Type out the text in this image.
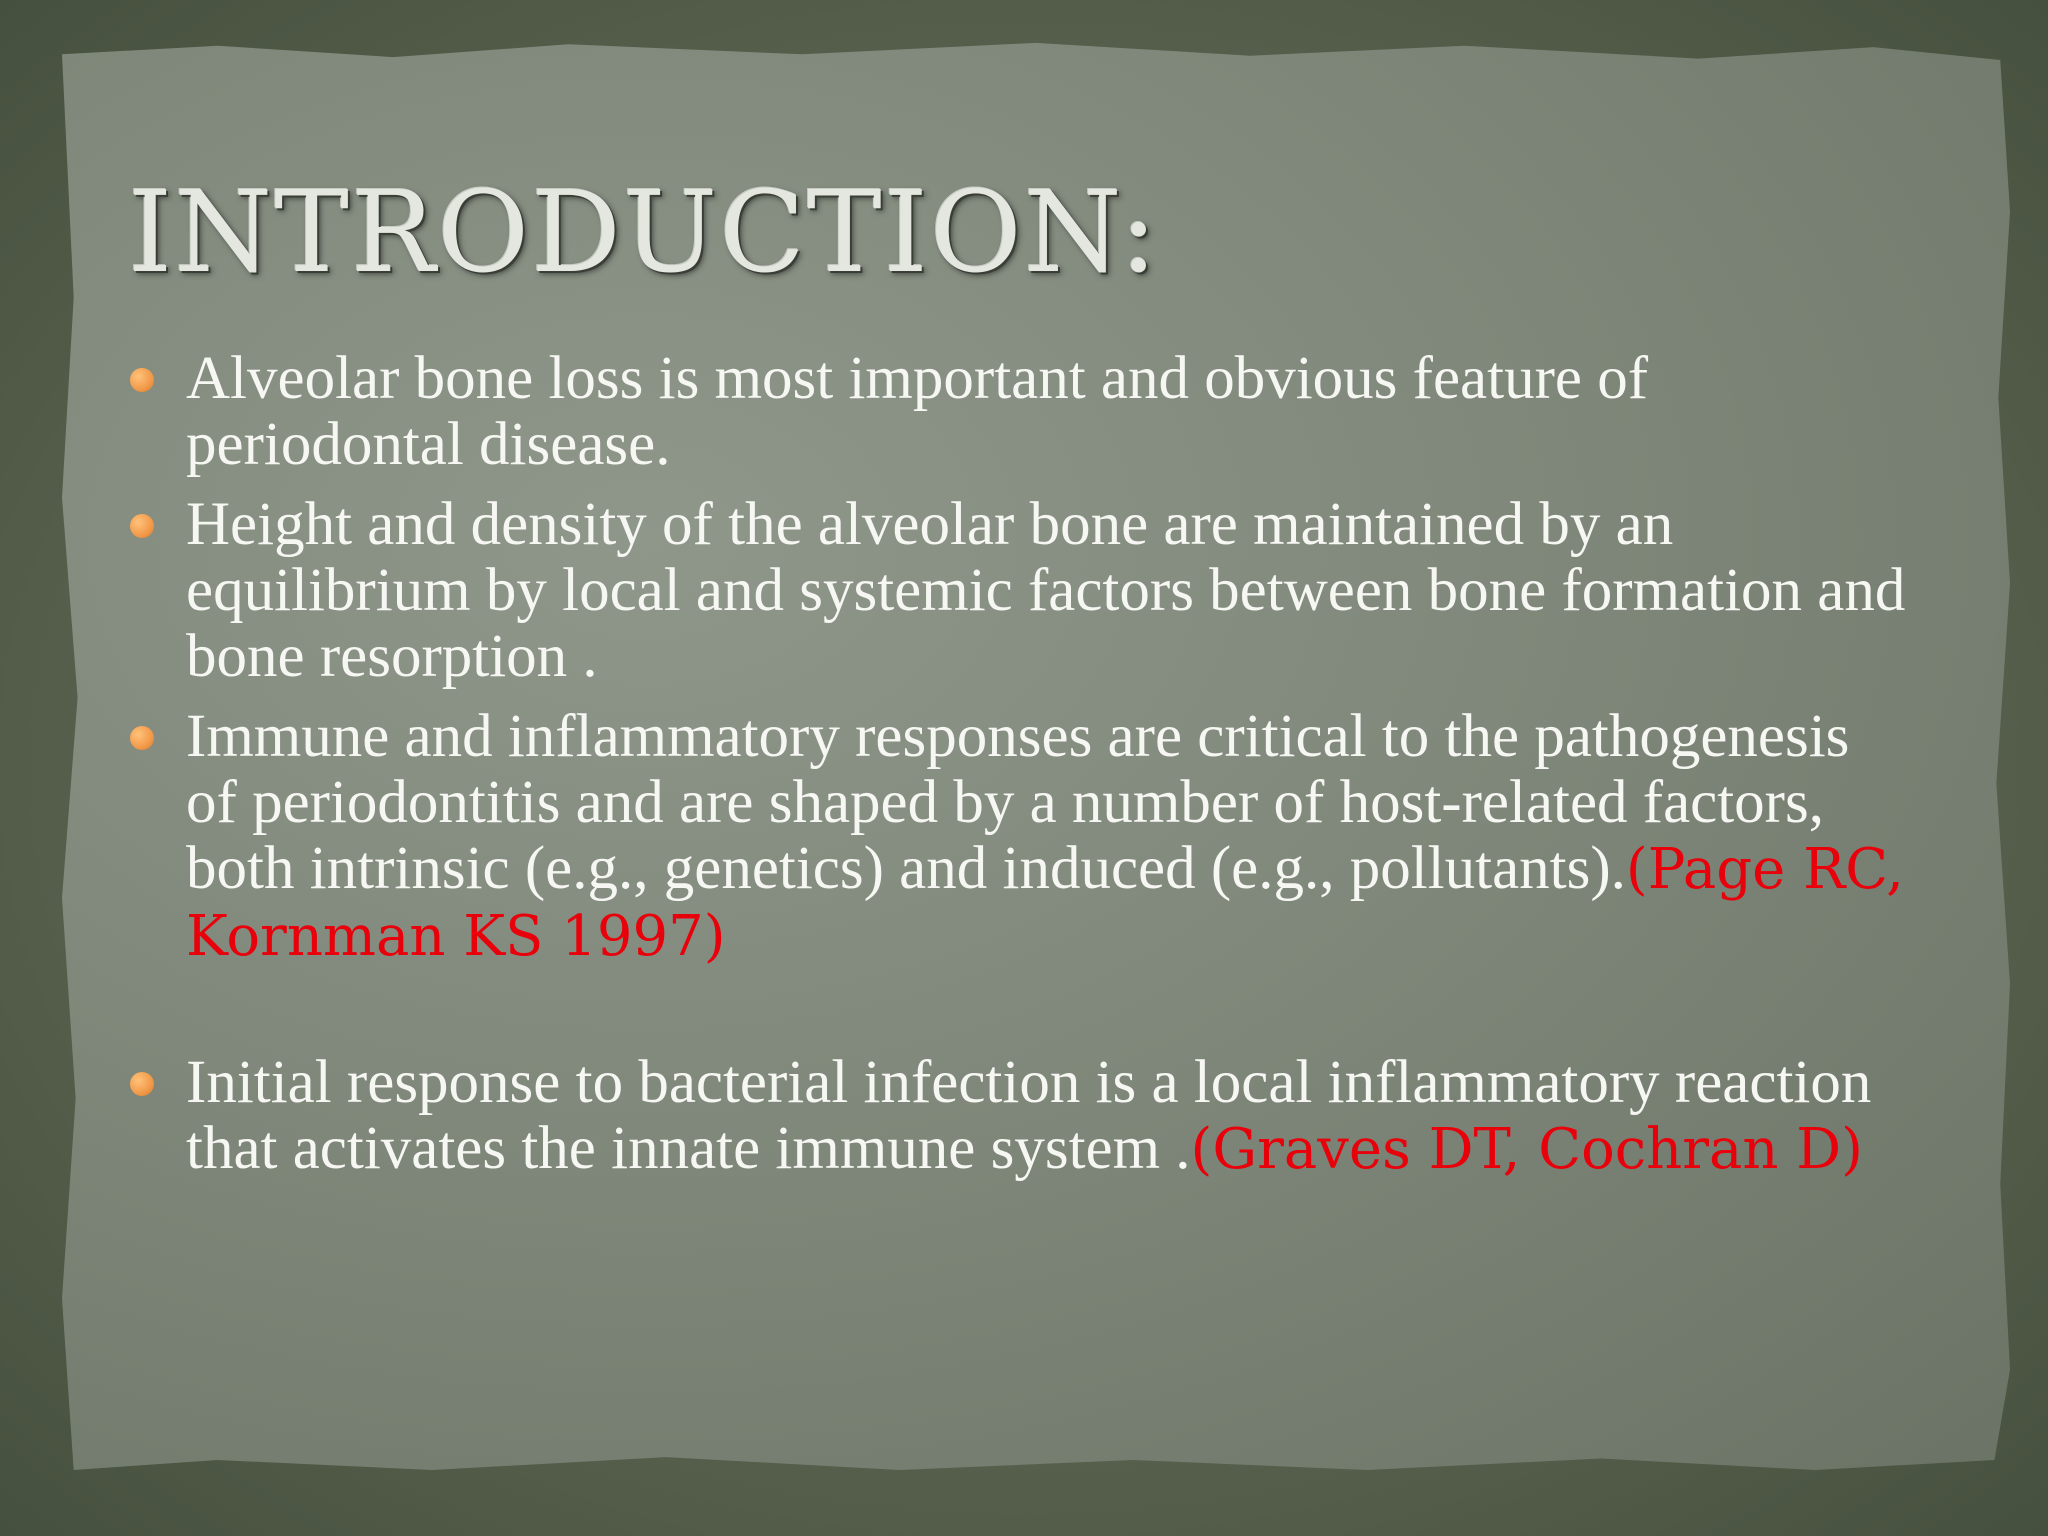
INTRODUCTION:
Alveolar bone loss is most important and obvious feature of periodontal disease.
Height and density of the alveolar bone are maintained by an equilibrium by local and systemic factors between bone formation and bone resorption .
Immune and inflammatory responses are critical to the pathogenesis of periodontitis and are shaped by a number of host-related factors, both intrinsic (e.g., genetics) and induced (e.g., pollutants).(Page RC, Kornman KS 1997)
Initial response to bacterial infection is a local inflammatory reaction that activates the innate immune system .(Graves DT, Cochran D)
